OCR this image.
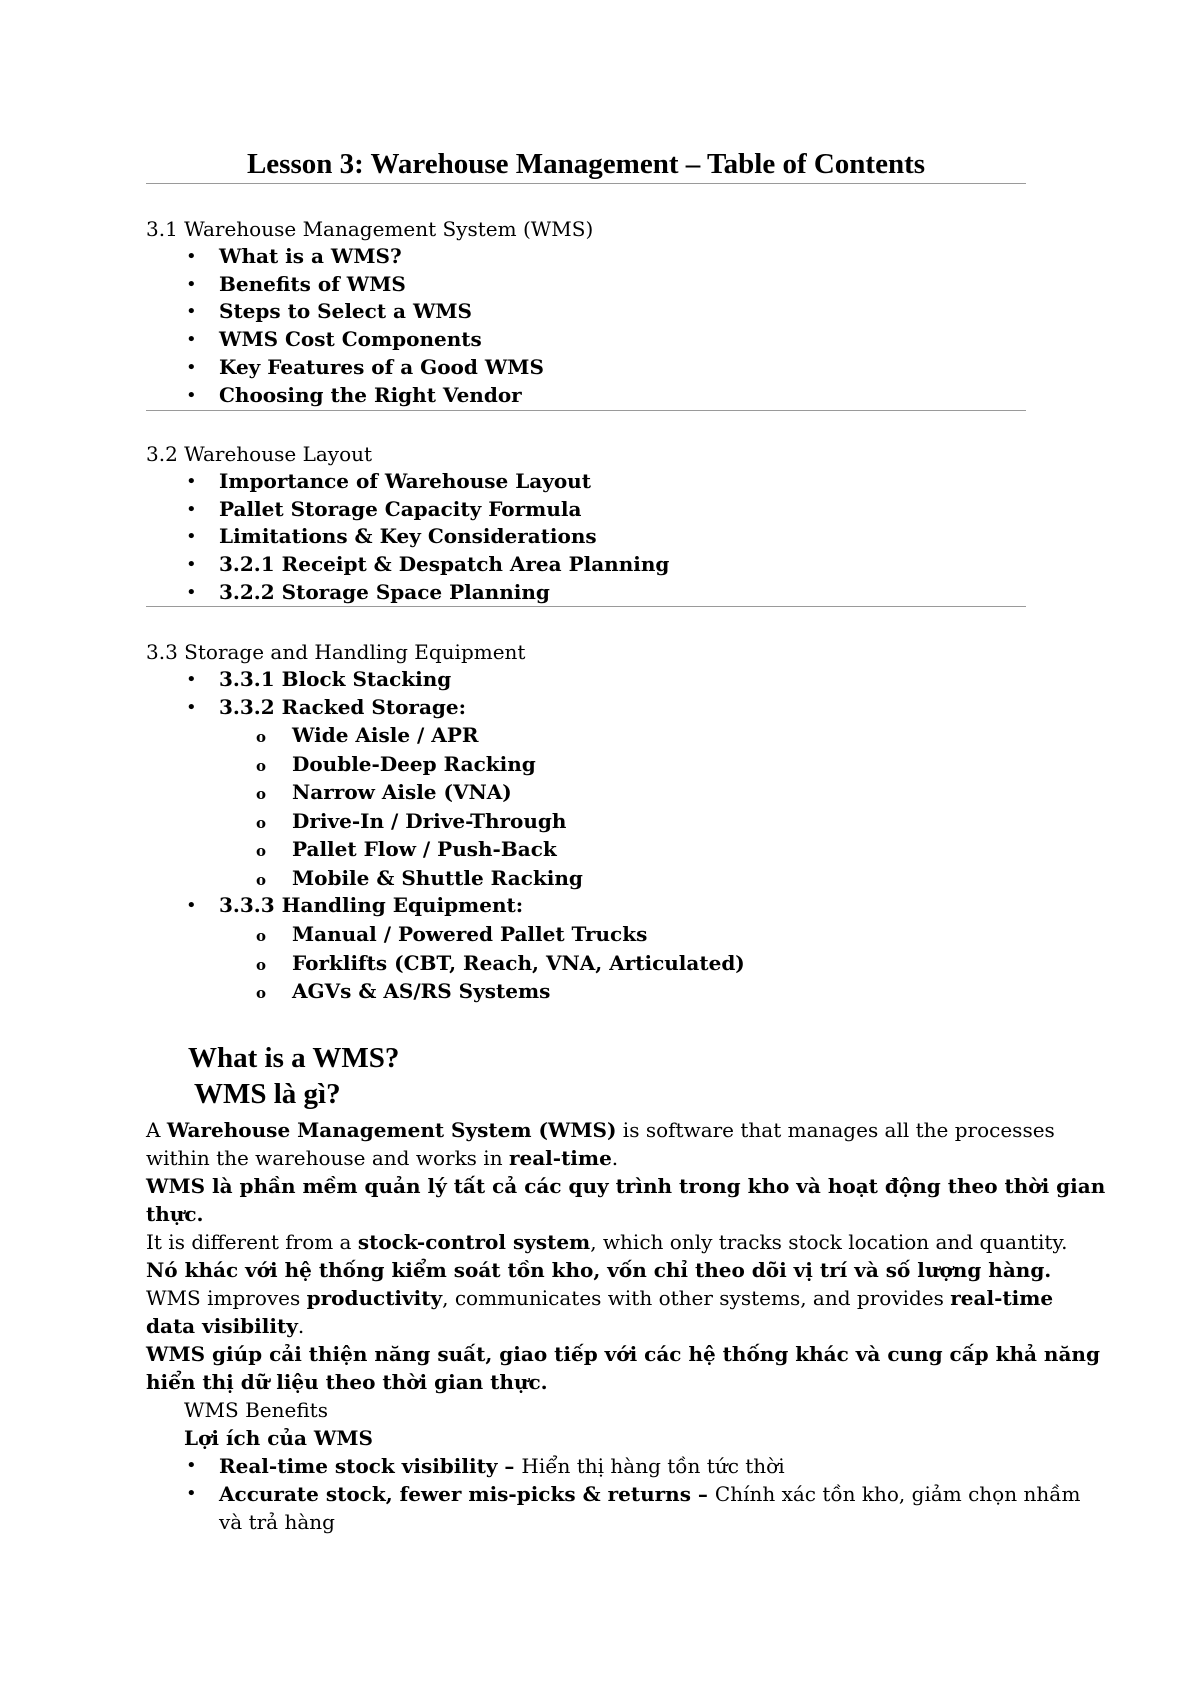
Lesson 3: Warehouse Management – Table of Contents
3.1 Warehouse Management System (WMS)
• What is a WMS?
• Benefits of WMS
• Steps to Select a WMS
• WMS Cost Components
• Key Features of a Good WMS
• Choosing the Right Vendor
3.2 Warehouse Layout
• Importance of Warehouse Layout
• Pallet Storage Capacity Formula
• Limitations & Key Considerations
• 3.2.1 Receipt & Despatch Area Planning
• 3.2.2 Storage Space Planning
3.3 Storage and Handling Equipment
• 3.3.1 Block Stacking
• 3.3.2 Racked Storage:
o Wide Aisle / APR
o Double-Deep Racking
o Narrow Aisle (VNA)
o Drive-In / Drive-Through
o Pallet Flow / Push-Back
o Mobile & Shuttle Racking
• 3.3.3 Handling Equipment:
o Manual / Powered Pallet Trucks
o Forklifts (CBT, Reach, VNA, Articulated)
o AGVs & AS/RS Systems
What is a WMS?
WMS là gì?
A Warehouse Management System (WMS) is software that manages all the processes
within the warehouse and works in real-time.
WMS là phần mềm quản lý tất cả các quy trình trong kho và hoạt động theo thời gian
thực.
It is different from a stock-control system, which only tracks stock location and quantity.
Nó khác với hệ thống kiểm soát tồn kho, vốn chỉ theo dõi vị trí và số lượng hàng.
WMS improves productivity, communicates with other systems, and provides real-time
data visibility.
WMS giúp cải thiện năng suất, giao tiếp với các hệ thống khác và cung cấp khả năng
hiển thị dữ liệu theo thời gian thực.
WMS Benefits
Lợi ích của WMS
• Real-time stock visibility – Hiển thị hàng tồn tức thời
• Accurate stock, fewer mis-picks & returns – Chính xác tồn kho, giảm chọn nhầm
và trả hàng
